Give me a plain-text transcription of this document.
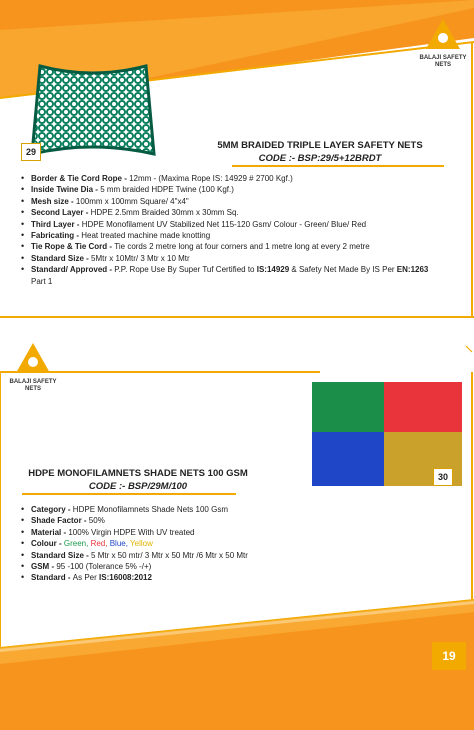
BALAJI SAFETY
NETS
29
5MM BRAIDED TRIPLE LAYER SAFETY NETS
CODE :- BSP:29/5+12BRDT
• Border & Tie Cord Rope - 12mm - (Maxima Rope IS: 14929 # 2700 Kgf.)
• Inside Twine Dia - 5 mm braided HDPE Twine (100 Kgf.)
• Mesh size - 100mm x 100mm Square/ 4"x4"
• Second Layer - HDPE 2.5mm Braided 30mm x 30mm Sq.
• Third Layer - HDPE Monofilament UV Stabilized Net 115-120 Gsm/ Colour - Green/ Blue/ Red
• Fabricating - Heat treated machine made knotting
• Tie Rope & Tie Cord - Tie cords 2 metre long at four corners and 1 metre long at every 2 metre
• Standard Size - 5Mtr x 10Mtr/ 3 Mtr x 10 Mtr
• Standard/ Approved - P.P. Rope Use By Super Tuf Certified to IS:14929 & Safety Net Made By IS Per EN:1263 Part 1
BALAJI SAFETY
NETS
30
HDPE MONOFILAMNETS SHADE NETS 100 GSM
CODE :- BSP/29M/100
• Category - HDPE Monofilamnets Shade Nets 100 Gsm
• Shade Factor - 50%
• Material - 100% Virgin HDPE With UV treated
• Colour - Green, Red, Blue, Yellow
• Standard Size - 5 Mtr x 50 mtr/ 3 Mtr x 50 Mtr /6 Mtr x 50 Mtr
• GSM - 95 -100 (Tolerance 5% -/+)
• Standard - As Per IS:16008:2012
19
